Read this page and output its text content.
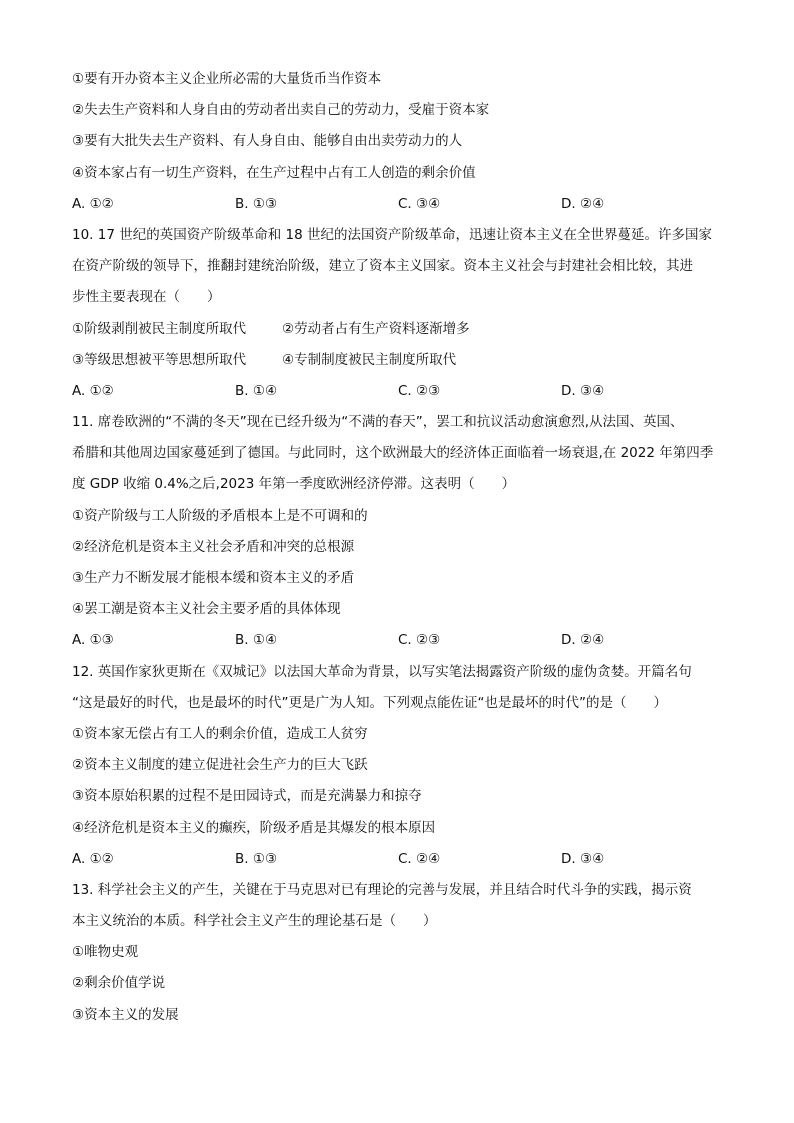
①要有开办资本主义企业所必需的大量货币当作资本
②失去生产资料和人身自由的劳动者出卖自己的劳动力，受雇于资本家
③要有大批失去生产资料、有人身自由、能够自由出卖劳动力的人
④资本家占有一切生产资料，在生产过程中占有工人创造的剩余价值
A. ①②	B. ①③	C. ③④	D. ②④
10. 17 世纪的英国资产阶级革命和 18 世纪的法国资产阶级革命，迅速让资本主义在全世界蔓延。许多国家
在资产阶级的领导下，推翻封建统治阶级，建立了资本主义国家。资本主义社会与封建社会相比较，其进
步性主要表现在（　　）
①阶级剥削被民主制度所取代	②劳动者占有生产资料逐渐增多
③等级思想被平等思想所取代	④专制制度被民主制度所取代
A. ①②	B. ①④	C. ②③	D. ③④
11. 席卷欧洲的“不满的冬天”现在已经升级为“不满的春天”，罢工和抗议活动愈演愈烈,从法国、英国、
希腊和其他周边国家蔓延到了德国。与此同时，这个欧洲最大的经济体正面临着一场衰退,在 2022 年第四季
度 GDP 收缩 0.4%之后,2023 年第一季度欧洲经济停滞。这表明（　　）
①资产阶级与工人阶级的矛盾根本上是不可调和的
②经济危机是资本主义社会矛盾和冲突的总根源
③生产力不断发展才能根本缓和资本主义的矛盾
④罢工潮是资本主义社会主要矛盾的具体体现
A. ①③	B. ①④	C. ②③	D. ②④
12. 英国作家狄更斯在《双城记》以法国大革命为背景，以写实笔法揭露资产阶级的虚伪贪婪。开篇名句
“这是最好的时代，也是最坏的时代”更是广为人知。下列观点能佐证“也是最坏的时代”的是（　　）
①资本家无偿占有工人的剩余价值，造成工人贫穷
②资本主义制度的建立促进社会生产力的巨大飞跃
③资本原始积累的过程不是田园诗式，而是充满暴力和掠夺
④经济危机是资本主义的癫疾，阶级矛盾是其爆发的根本原因
A. ①②	B. ①③	C. ②④	D. ③④
13. 科学社会主义的产生，关键在于马克思对已有理论的完善与发展，并且结合时代斗争的实践，揭示资
本主义统治的本质。科学社会主义产生的理论基石是（　　）
①唯物史观
②剩余价值学说
③资本主义的发展
